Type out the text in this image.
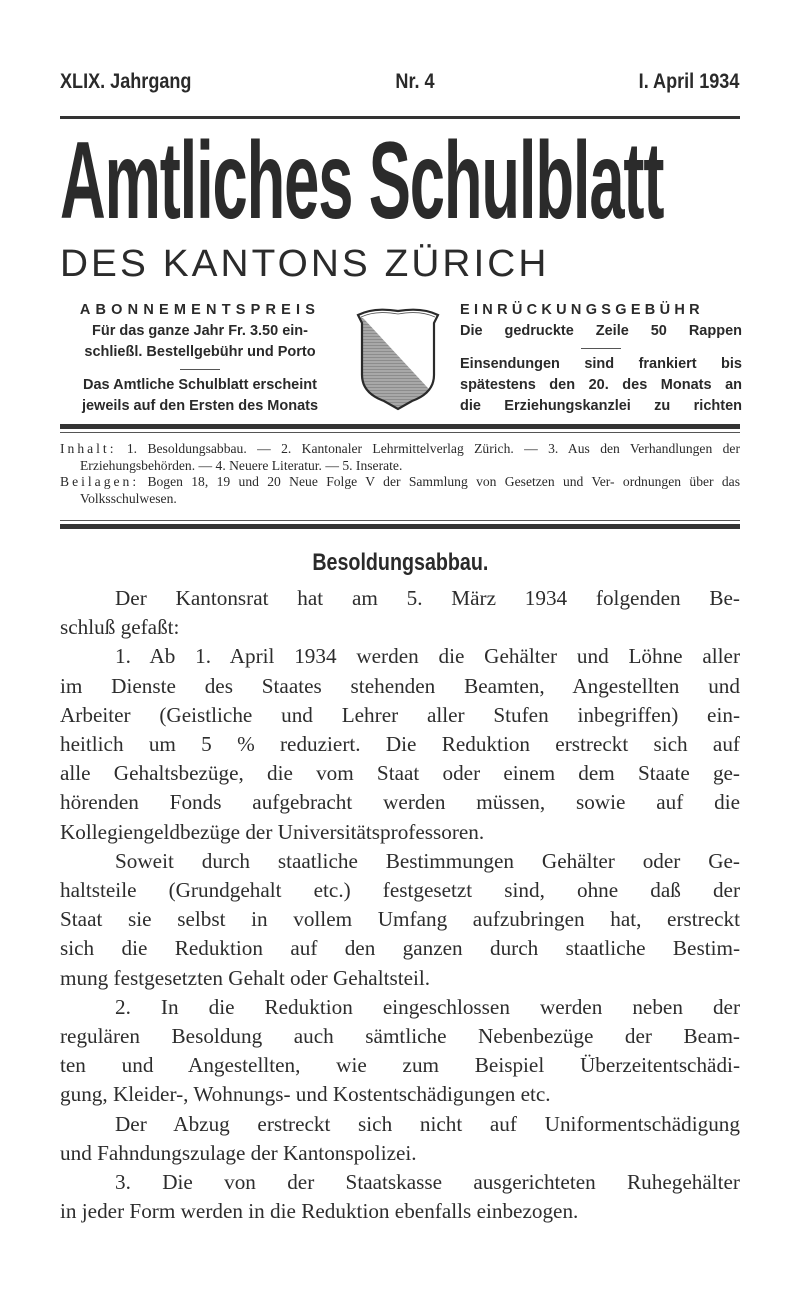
XLIX. Jahrgang	Nr. 4	I. April 1934
Amtliches Schulblatt
DES KANTONS ZÜRICH
ABONNEMENTSPREIS
Für das ganze Jahr Fr. 3.50 ein-
schließl. Bestellgebühr und Porto
Das Amtliche Schulblatt erscheint
jeweils auf den Ersten des Monats
EINRÜCKUNGSGEBÜHR
Die gedruckte Zeile 50 Rappen
Einsendungen sind frankiert bis
spätestens den 20. des Monats an
die Erziehungskanzlei zu richten

Inhalt: 1. Besoldungsabbau. — 2. Kantonaler Lehrmittelverlag Zürich. — 3. Aus den Verhandlungen der Erziehungsbehörden. — 4. Neuere Literatur. — 5. Inserate.

Beilagen: Bogen 18, 19 und 20 Neue Folge V der Sammlung von Gesetzen und Ver- ordnungen über das Volksschulwesen.

Besoldungsabbau.
Der Kantonsrat hat am 5. März 1934 folgenden Be-
schluß gefaßt:
1. Ab 1. April 1934 werden die Gehälter und Löhne aller
im Dienste des Staates stehenden Beamten, Angestellten und
Arbeiter (Geistliche und Lehrer aller Stufen inbegriffen) ein-
heitlich um 5 % reduziert. Die Reduktion erstreckt sich auf
alle Gehaltsbezüge, die vom Staat oder einem dem Staate ge-
hörenden Fonds aufgebracht werden müssen, sowie auf die
Kollegiengeldbezüge der Universitätsprofessoren.
Soweit durch staatliche Bestimmungen Gehälter oder Ge-
haltsteile (Grundgehalt etc.) festgesetzt sind, ohne daß der
Staat sie selbst in vollem Umfang aufzubringen hat, erstreckt
sich die Reduktion auf den ganzen durch staatliche Bestim-
mung festgesetzten Gehalt oder Gehaltsteil.
2. In die Reduktion eingeschlossen werden neben der
regulären Besoldung auch sämtliche Nebenbezüge der Beam-
ten und Angestellten, wie zum Beispiel Überzeitentschädi-
gung, Kleider-, Wohnungs- und Kostentschädigungen etc.
Der Abzug erstreckt sich nicht auf Uniformentschädigung
und Fahndungszulage der Kantonspolizei.
3. Die von der Staatskasse ausgerichteten Ruhegehälter
in jeder Form werden in die Reduktion ebenfalls einbezogen.
